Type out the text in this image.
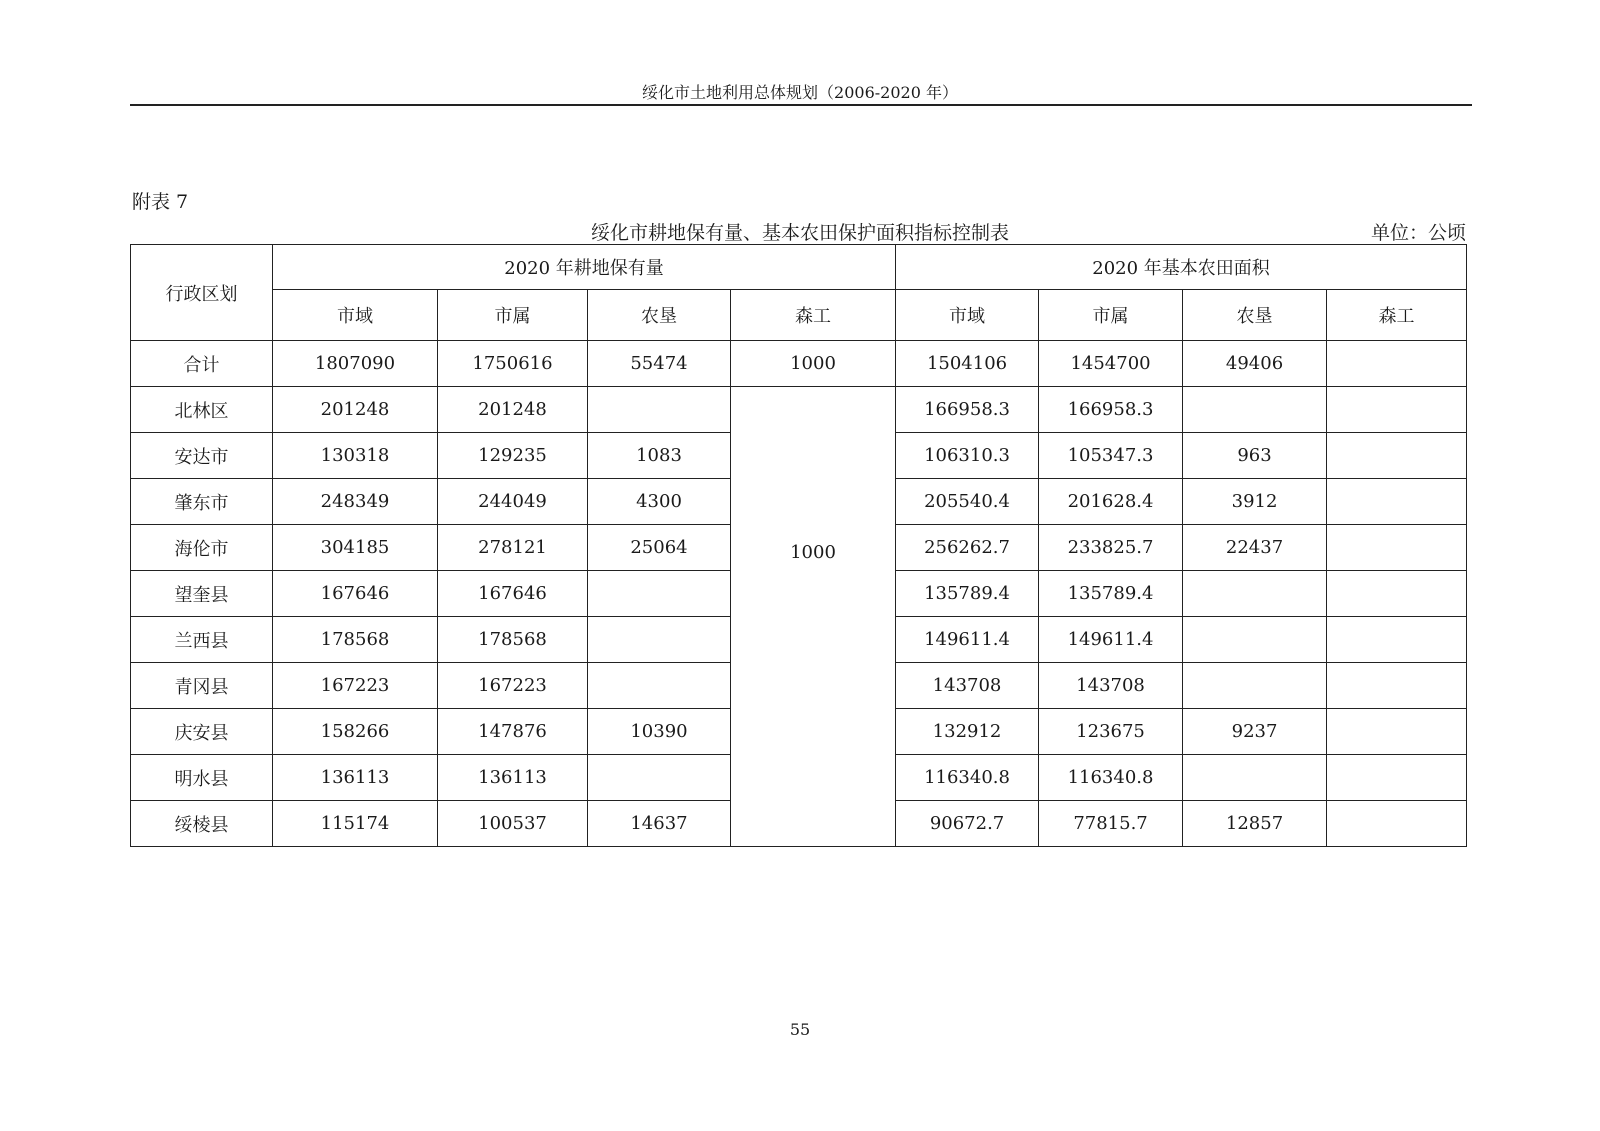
绥化市土地利用总体规划（2006-2020 年）
附表 7
绥化市耕地保有量、基本农田保护面积指标控制表	单位：公顷
行政区划	2020 年耕地保有量				2020 年基本农田面积			
	市域	市属	农垦	森工	市域	市属	农垦	森工
合计	1807090	1750616	55474	1000	1504106	1454700	49406	
北林区	201248	201248		1000	166958.3	166958.3		
安达市	130318	129235	1083		106310.3	105347.3	963	
肇东市	248349	244049	4300		205540.4	201628.4	3912	
海伦市	304185	278121	25064		256262.7	233825.7	22437	
望奎县	167646	167646			135789.4	135789.4		
兰西县	178568	178568			149611.4	149611.4		
青冈县	167223	167223			143708	143708		
庆安县	158266	147876	10390		132912	123675	9237	
明水县	136113	136113			116340.8	116340.8		
绥棱县	115174	100537	14637		90672.7	77815.7	12857	
55
